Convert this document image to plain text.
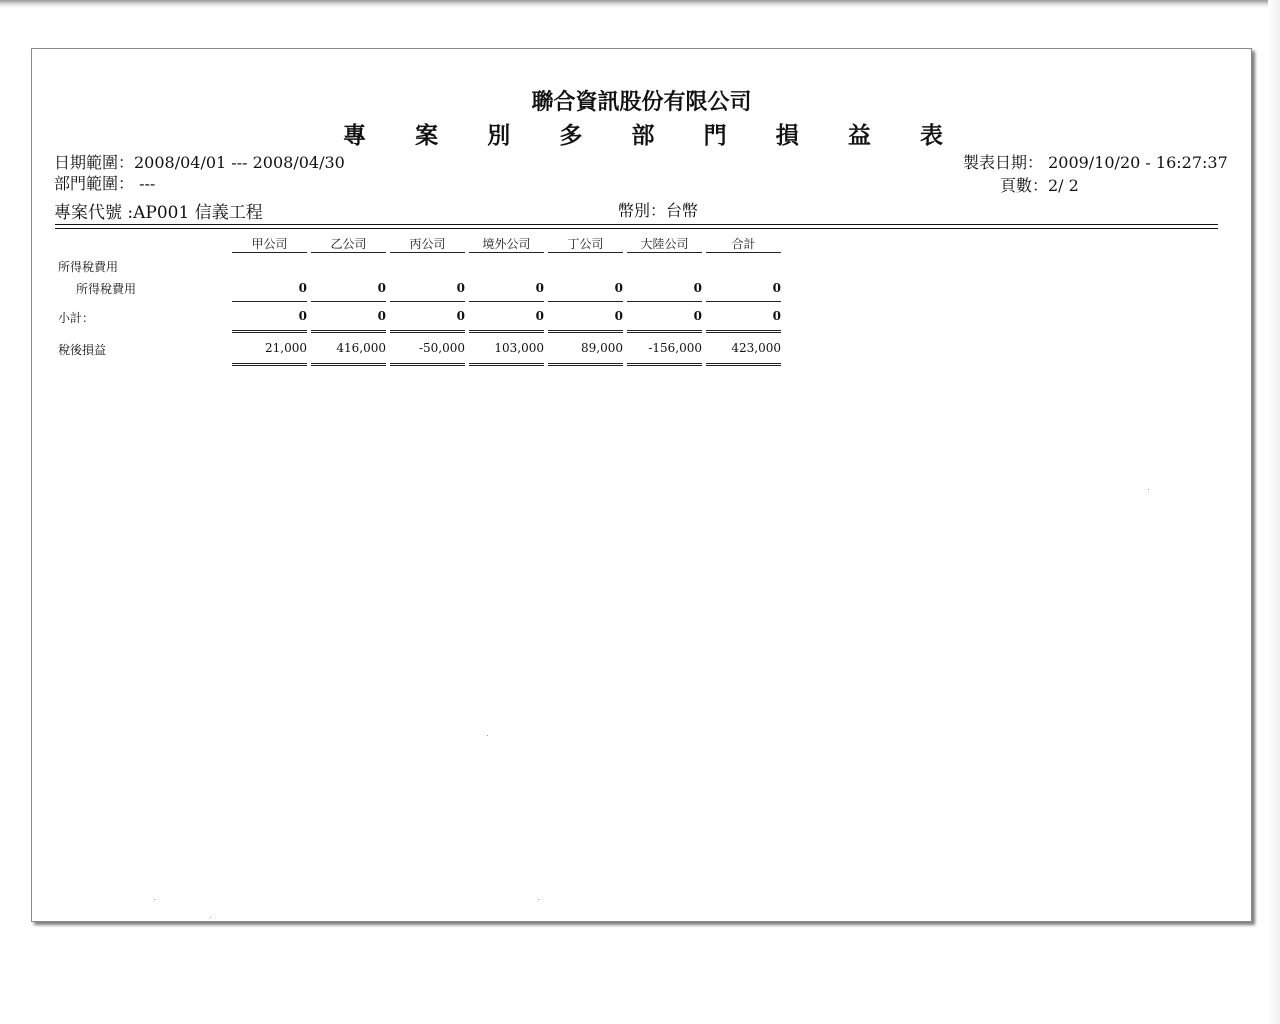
聯合資訊股份有限公司
專 案 別 多 部 門 損 益 表
日期範圍：2008/04/01 --- 2008/04/30
部門範圍： ---
專案代號 :AP001 信義工程	幣別：台幣
製表日期： 2009/10/20 - 16:27:37
頁數：2/ 2
	甲公司	乙公司	丙公司	境外公司	丁公司	大陸公司	合計
所得稅費用							
所得稅費用	0	0	0	0	0	0	0
小計：	0	0	0	0	0	0	0
稅後損益	21,000	416,000	-50,000	103,000	89,000	-156,000	423,000
